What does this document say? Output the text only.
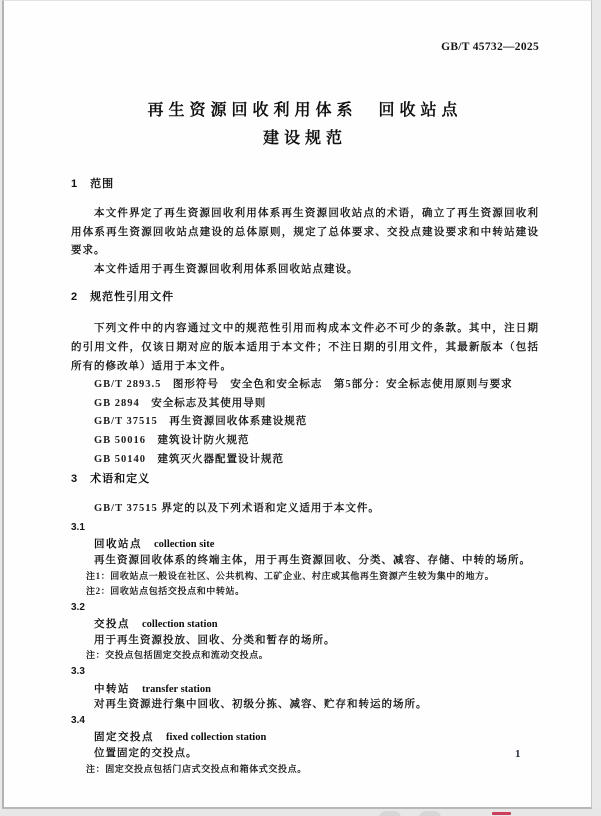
GB/T 45732—2025
再生资源回收利用体系　回收站点
建设规范
1　范围

本文件界定了再生资源回收利用体系再生资源回收站点的术语，确立了再生资源回收利用体系再生资源回收站点建设的总体原则，规定了总体要求、交投点建设要求和中转站建设要求。

本文件适用于再生资源回收利用体系回收站点建设。

2　规范性引用文件

下列文件中的内容通过文中的规范性引用而构成本文件必不可少的条款。其中，注日期的引用文件，仅该日期对应的版本适用于本文件；不注日期的引用文件，其最新版本（包括所有的修改单）适用于本文件。

GB/T 2893.5　图形符号　安全色和安全标志　第5部分：安全标志使用原则与要求
GB 2894　安全标志及其使用导则
GB/T 37515　再生资源回收体系建设规范
GB 50016　建筑设计防火规范
GB 50140　建筑灭火器配置设计规范
3　术语和定义

GB/T 37515 界定的以及下列术语和定义适用于本文件。

3.1
回收站点 collection site
再生资源回收体系的终端主体，用于再生资源回收、分类、减容、存储、中转的场所。
注1：回收站点一般设在社区、公共机构、工矿企业、村庄或其他再生资源产生较为集中的地方。
注2：回收站点包括交投点和中转站。
3.2
交投点 collection station
用于再生资源投放、回收、分类和暂存的场所。
注：交投点包括固定交投点和流动交投点。
3.3
中转站 transfer station
对再生资源进行集中回收、初级分拣、减容、贮存和转运的场所。
3.4
固定交投点 fixed collection station
位置固定的交投点。
注：固定交投点包括门店式交投点和箱体式交投点。
1
